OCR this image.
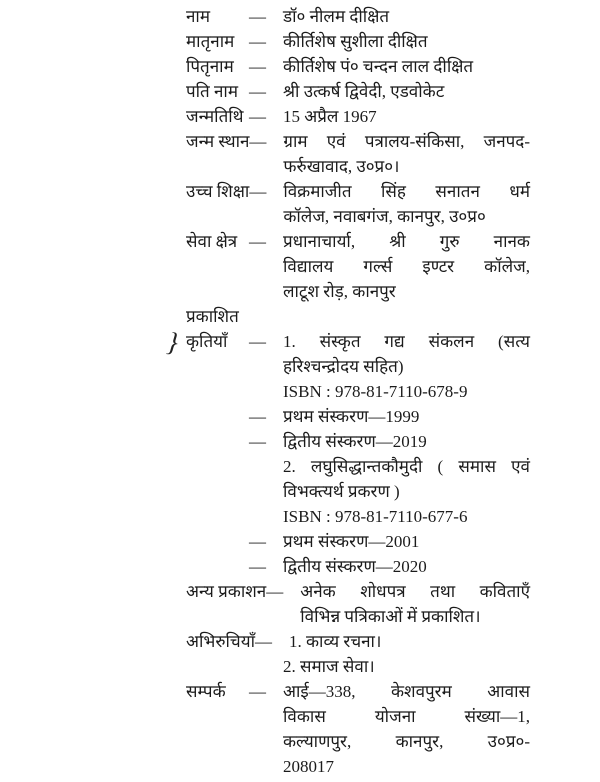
}
नाम	—	डॉ० नीलम दीक्षित
मातृनाम —	कीर्तिशेष सुशीला दीक्षित
पितृनाम —	कीर्तिशेष पं० चन्दन लाल दीक्षित
पति नाम —	श्री उत्कर्ष द्विवेदी, एडवोकेट
जन्मतिथि —	15 अप्रैल 1967
जन्म स्थान —	ग्राम एवं पत्रालय-संकिसा, जनपद-
फर्रुखावाद, उ०प्र०।
उच्च शिक्षा —	विक्रमाजीत सिंह सनातन धर्म
कॉलेज, नवाबगंज, कानपुर, उ०प्र०
सेवा क्षेत्र —	प्रधानाचार्या, श्री गुरु नानक
विद्यालय गर्ल्स इण्टर कॉलेज,
लाटूश रोड़, कानपुर
प्रकाशित
कृतियाँ	—	1. संस्कृत गद्य संकलन (सत्य
हरिश्चन्द्रोदय सहित)
ISBN : 978-81-7110-678-9
—	प्रथम संस्करण—1999
—	द्वितीय संस्करण—2019
2. लघुसिद्धान्तकौमुदी ( समास एवं
विभक्त्यर्थ प्रकरण )
ISBN : 978-81-7110-677-6
—	प्रथम संस्करण—2001
—	द्वितीय संस्करण—2020
अन्य प्रकाशन —	अनेक शोधपत्र तथा कविताएँ
विभिन्न पत्रिकाओं में प्रकाशित।
अभिरुचियाँ —	1. काव्य रचना।
2. समाज सेवा।
सम्पर्क	—	आई—338, केशवपुरम आवास
विकास योजना संख्या—1,
कल्याणपुर, कानपुर, उ०प्र०-
208017
